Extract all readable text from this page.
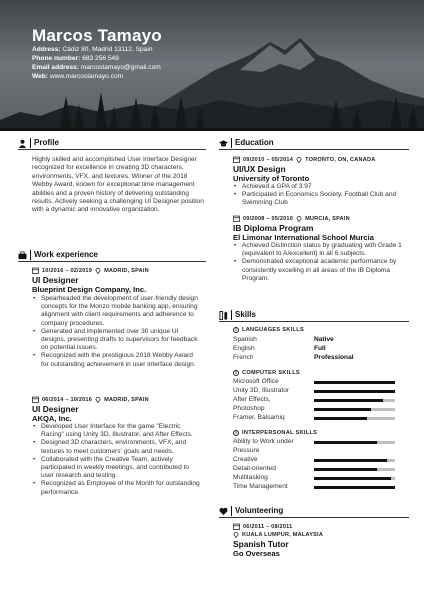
Marcos Tamayo
Address: Cádiz 80, Madrid 13112, Spain
Phone number: 683 256 548
Email address: marcostamayo@gmail.com
Web: www.marcostamayo.com
Profile
Highly skilled and accomplished User Interface Designer recognized for excellence in creating 3D characters, environments, VFX, and textures. Winner of the 2018 Webby Award, known for exceptional time management abilities and a proven history of delivering outstanding results. Actively seeking a challenging UI Designer position with a dynamic and innovative organization.
Work experience
10/2016 – 02/2019 MADRID, SPAIN
UI Designer
Blueprint Design Company, Inc.
• Spearheaded the development of user-friendly design concepts for the Monzo mobile banking app, ensuring alignment with client requirements and adherence to company procedures.
• Generated and implemented over 30 unique UI designs, presenting drafts to supervisors for feedback on potential issues.
• Recognized with the prestigious 2018 Webby Award for outstanding achievement in user interface design.
06/2014 – 10/2016 MADRID, SPAIN
UI Designer
AKQA, Inc.
• Developed User Interface for the game "Electric Racing" using Unity 3D, Illustrator, and After Effects.
• Designed 3D characters, environments, VFX, and textures to meet customers' goals and needs.
• Collaborated with the Creative Team, actively participated in weekly meetings, and contributed to user research and testing.
• Recognized as Employee of the Month for outstanding performance.
Education
09/2010 – 05/2014 TORONTO, ON, CANADA
UI/UX Design
University of Toronto
• Achieved a GPA of 3.97
• Participated in Economics Society, Football Club and Swimming Club
09/2008 – 05/2010 MURCIA, SPAIN
IB Diploma Program
El Limonar International School Murcia
• Achieved Distinction status by graduating with Grade 1 (equivalent to A/excellent) in all 6 subjects.
• Demonstrated exceptional academic performance by consistently excelling in all areas of the IB Diploma Program.
Skills
i
LANGUAGES SKILLS
Spanish	Native
English	Full
French	Professional
i
COMPUTER SKILLS
Microsoft Office
Unity 3D, Illustrator
After Effects,
Photoshop
Framer, Balsamiq
i
INTERPERSONAL SKILLS
Ability to Work under
Pressure
Creative
Detail-oriented
Multitasking
Time Management
Volunteering
06/2011 – 08/2011
KUALA LUMPUR, MALAYSIA
Spanish Tutor
Go Overseas
